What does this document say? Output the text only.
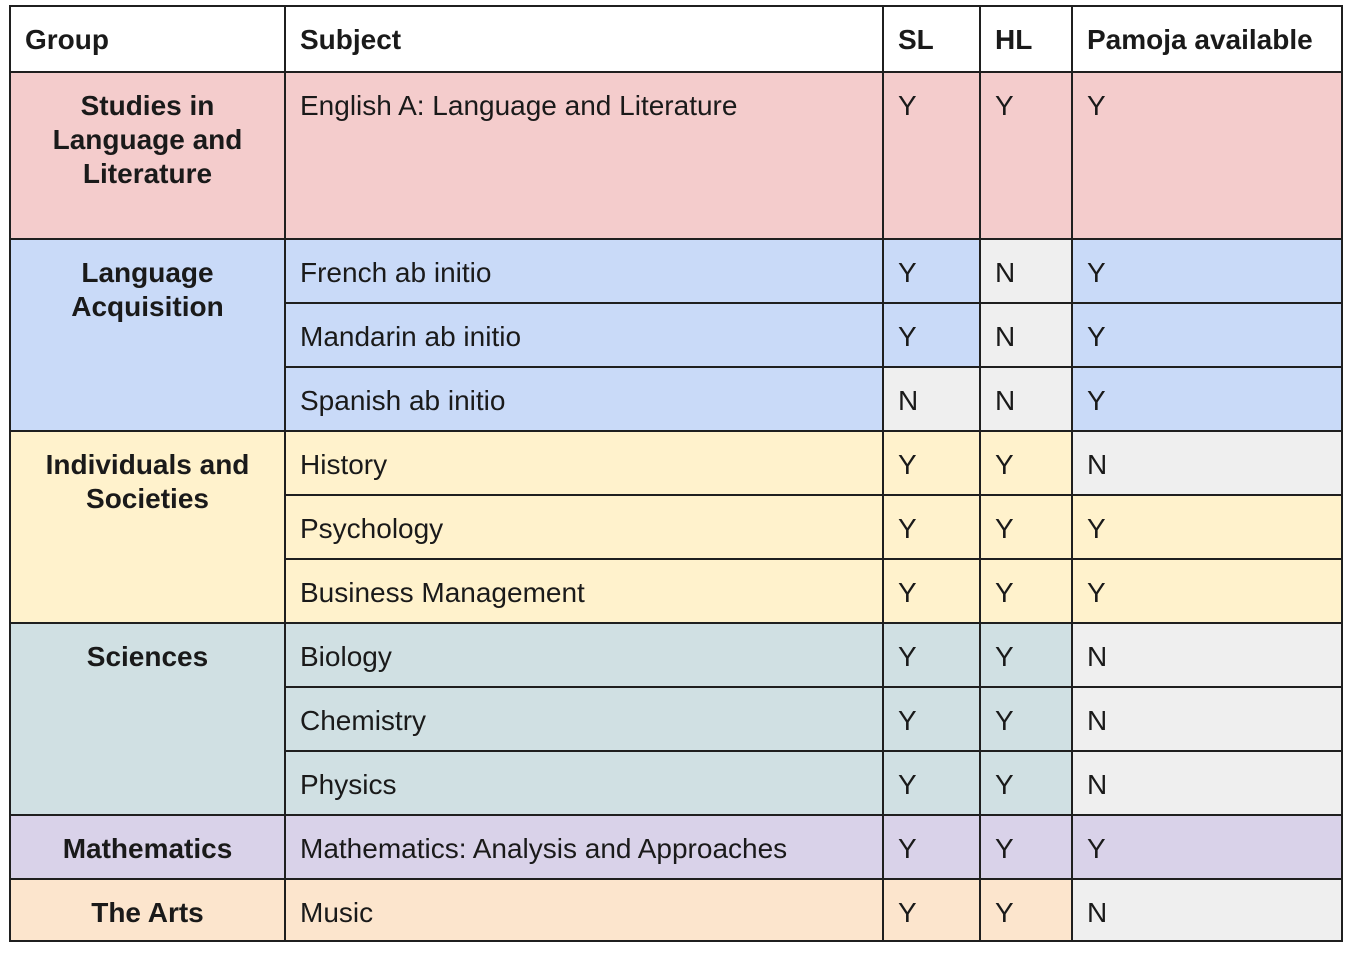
Group	Subject	SL	HL	Pamoja available
Studies in Language and Literature	English A: Language and Literature	Y	Y	Y
Language Acquisition	French ab initio	Y	N	Y
	Mandarin ab initio	Y	N	Y
	Spanish ab initio	N	N	Y
Individuals and Societies	History	Y	Y	N
	Psychology	Y	Y	Y
	Business Management	Y	Y	Y
Sciences	Biology	Y	Y	N
	Chemistry	Y	Y	N
	Physics	Y	Y	N
Mathematics	Mathematics: Analysis and Approaches	Y	Y	Y
The Arts	Music	Y	Y	N
